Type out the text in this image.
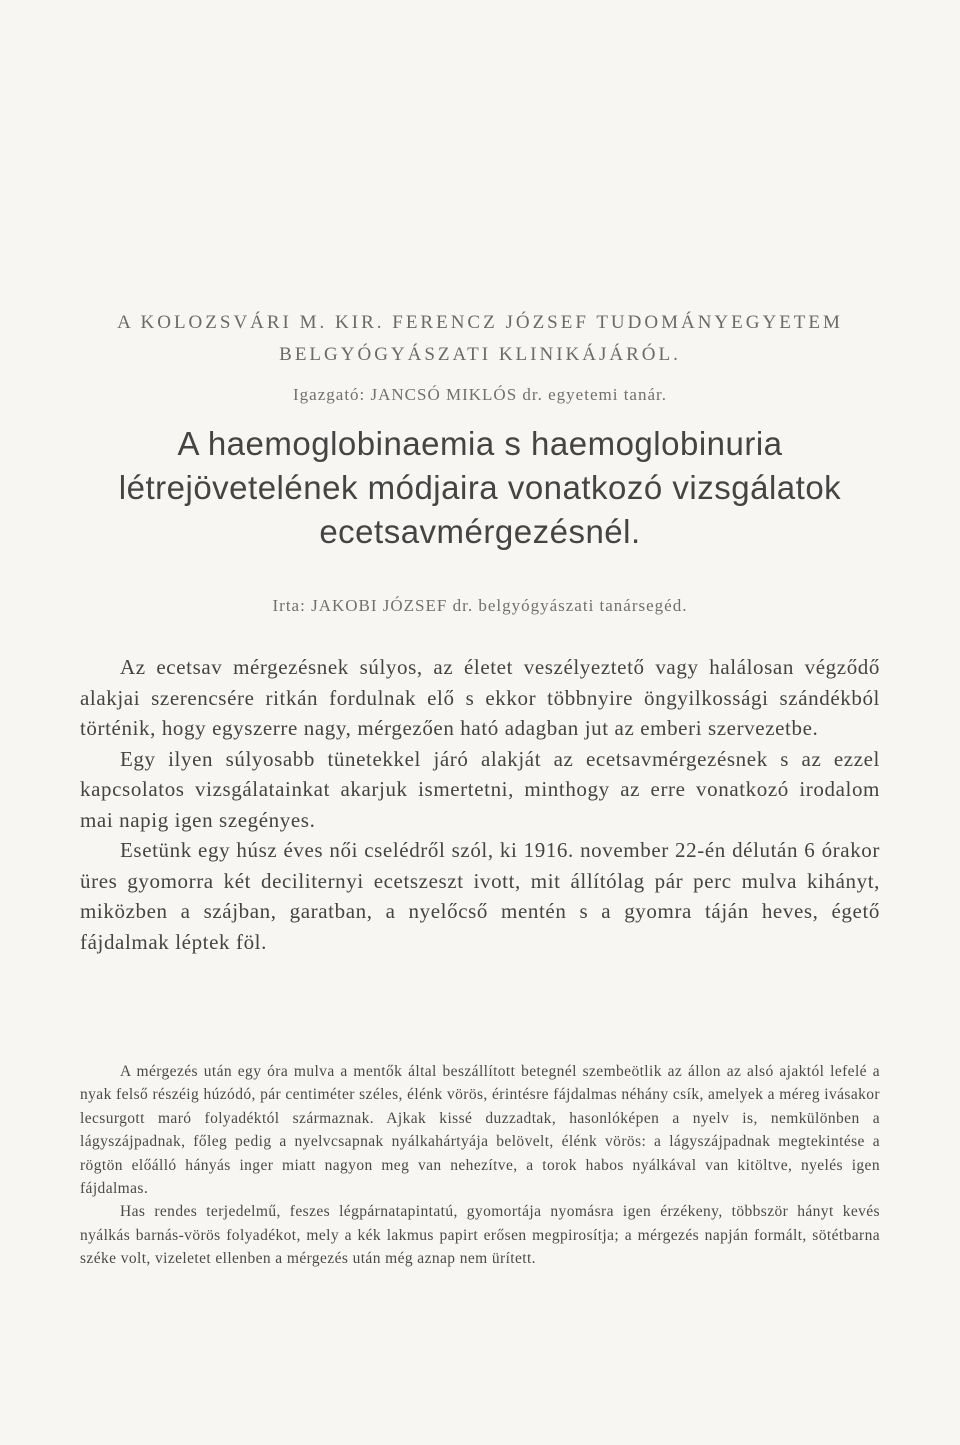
A KOLOZSVÁRI M. KIR. FERENCZ JÓZSEF TUDOMÁNYEGYETEM
BELGYÓGYÁSZATI KLINIKÁJÁRÓL.
Igazgató: JANCSÓ MIKLÓS dr. egyetemi tanár.
A haemoglobinaemia s haemoglobinuria
létrejövetelének módjaira vonatkozó vizsgálatok
ecetsavmérgezésnél.
Irta: JAKOBI JÓZSEF dr. belgyógyászati tanársegéd.

Az ecetsav mérgezésnek súlyos, az életet veszélyeztető vagy halálosan végződő alakjai szerencsére ritkán fordulnak elő s ekkor többnyire öngyilkossági szándékból történik, hogy egyszerre nagy, mérgezően ható adagban jut az emberi szervezetbe.

Egy ilyen súlyosabb tünetekkel járó alakját az ecetsavmérgezésnek s az ezzel kapcsolatos vizsgálatainkat akarjuk ismertetni, minthogy az erre vonatkozó irodalom mai napig igen szegényes.

Esetünk egy húsz éves női cselédről szól, ki 1916. november 22-én délután 6 órakor üres gyomorra két deciliternyi ecetszeszt ivott, mit állítólag pár perc mulva kihányt, miközben a szájban, garatban, a nyelőcső mentén s a gyomra táján heves, égető fájdalmak léptek föl.

A mérgezés után egy óra mulva a mentők által beszállított betegnél szembeötlik az állon az alsó ajaktól lefelé a nyak felső részéig húzódó, pár centiméter széles, élénk vörös, érintésre fájdalmas néhány csík, amelyek a méreg ivásakor lecsurgott maró folyadéktól származnak. Ajkak kissé duzzadtak, hasonlóképen a nyelv is, nemkülönben a lágyszájpadnak, főleg pedig a nyelvcsapnak nyálkahártyája belövelt, élénk vörös: a lágyszájpadnak megtekintése a rögtön előálló hányás inger miatt nagyon meg van nehezítve, a torok habos nyálkával van kitöltve, nyelés igen fájdalmas.

Has rendes terjedelmű, feszes légpárnatapintatú, gyomortája nyomásra igen érzékeny, többször hányt kevés nyálkás barnás-vörös folyadékot, mely a kék lakmus papirt erősen megpirosítja; a mérgezés napján formált, sötétbarna széke volt, vizeletet ellenben a mérgezés után még aznap nem ürített.
